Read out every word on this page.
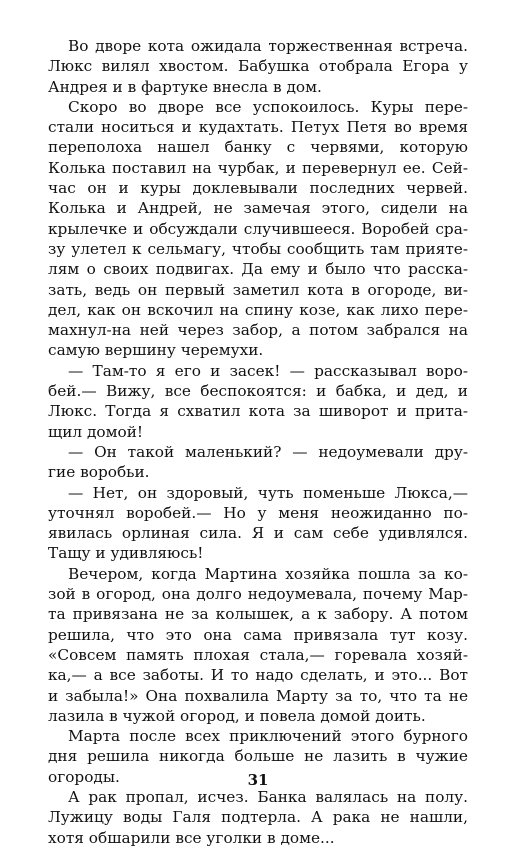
Во дворе кота ожидала торжественная встреча.
Люкс вилял хвостом. Бабушка отобрала Егора у
Андрея и в фартуке внесла в дом.
Скоро во дворе все успокоилось. Куры пере-
стали носиться и кудахтать. Петух Петя во время
переполоха нашел банку с червями, которую
Колька поставил на чурбак, и перевернул ее. Сей-
час он и куры доклевывали последних червей.
Колька и Андрей, не замечая этого, сидели на
крылечке и обсуждали случившееся. Воробей сра-
зу улетел к сельмагу, чтобы сообщить там прияте-
лям о своих подвигах. Да ему и было что расска-
зать, ведь он первый заметил кота в огороде, ви-
дел, как он вскочил на спину козе, как лихо пере-
махнул-на ней через забор, а потом забрался на
самую вершину черемухи.
— Там-то я его и засек! — рассказывал воро-
бей.— Вижу, все беспокоятся: и бабка, и дед, и
Люкс. Тогда я схватил кота за шиворот и прита-
щил домой!
— Он такой маленький? — недоумевали дру-
гие воробьи.
— Нет, он здоровый, чуть поменьше Люкса,—
уточнял воробей.— Но у меня неожиданно по-
явилась орлиная сила. Я и сам себе удивлялся.
Тащу и удивляюсь!
Вечером, когда Мартина хозяйка пошла за ко-
зой в огород, она долго недоумевала, почему Мар-
та привязана не за колышек, а к забору. А потом
решила, что это она сама привязала тут козу.
«Совсем память плохая стала,— горевала хозяй-
ка,— а все заботы. И то надо сделать, и это... Вот
и забыла!» Она похвалила Марту за то, что та не
лазила в чужой огород, и повела домой доить.
Марта после всех приключений этого бурного
дня решила никогда больше не лазить в чужие
огороды.
А рак пропал, исчез. Банка валялась на полу.
Лужицу воды Галя подтерла. А рака не нашли,
хотя обшарили все уголки в доме...
31
